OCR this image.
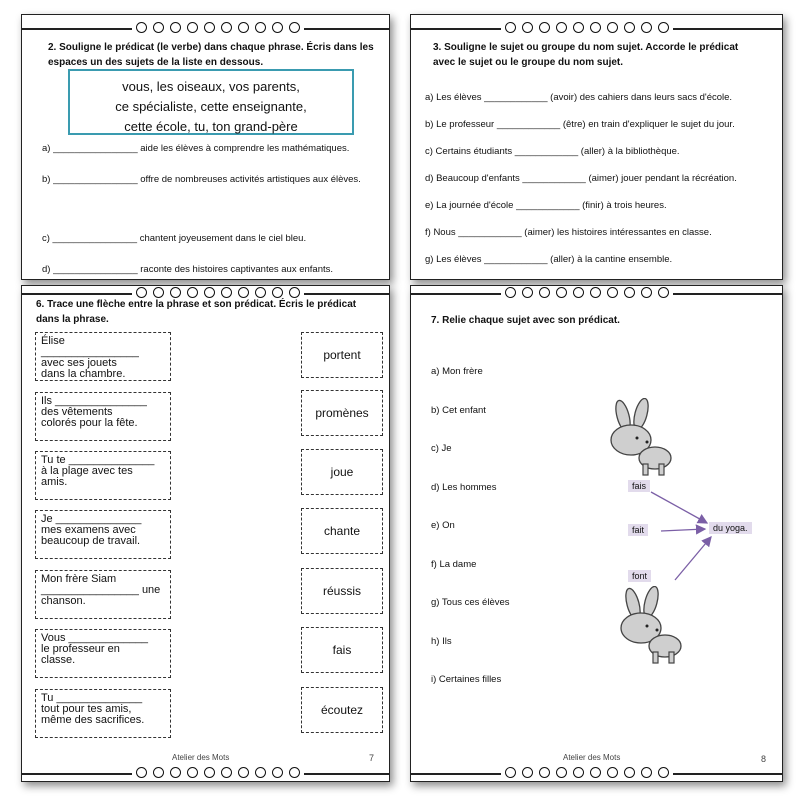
2. Souligne le prédicat (le verbe) dans chaque phrase. Écris dans les espaces un des sujets de la liste en dessous.
vous, les oiseaux, vos parents,
ce spécialiste, cette enseignante,
cette école, tu, ton grand-père
a) ________________ aide les élèves à comprendre les mathématiques.
b) ________________ offre de nombreuses activités artistiques aux élèves.
c) ________________ chantent joyeusement dans le ciel bleu.
d) ________________ raconte des histoires captivantes aux enfants.
3. Souligne le sujet ou groupe du nom sujet. Accorde le prédicat avec le sujet ou le groupe du nom sujet.
a) Les élèves ____________ (avoir) des cahiers dans leurs sacs d'école.
b) Le professeur ____________ (être) en train d'expliquer le sujet du jour.
c) Certains étudiants ____________ (aller) à la bibliothèque.
d) Beaucoup d'enfants ____________ (aimer) jouer pendant la récréation.
e) La journée d'école ____________ (finir) à trois heures.
f) Nous ____________ (aimer) les histoires intéressantes en classe.
g) Les élèves ____________ (aller) à la cantine ensemble.
6. Trace une flèche entre la phrase et son prédicat. Écris le prédicat dans la phrase.
Élise ________________
avec ses jouets
dans la chambre.
Ils _______________
des vêtements
colorés pour la fête.
Tu te ______________
à la plage avec tes
amis.
Je ______________
mes examens avec
beaucoup de travail.
Mon frère Siam
________________ une
chanson.
Vous _____________
le professeur en
classe.
Tu ______________
tout pour tes amis,
même des sacrifices.
portent
promènes
joue
chante
réussis
fais
écoutez
Atelier des Mots	7
7. Relie chaque sujet avec son prédicat.
a) Mon frère
b) Cet enfant
c) Je
d) Les hommes
e) On
f) La dame
g) Tous ces élèves
h) Ils
i) Certaines filles
fais
fait
font
du yoga.
Atelier des Mots	8
